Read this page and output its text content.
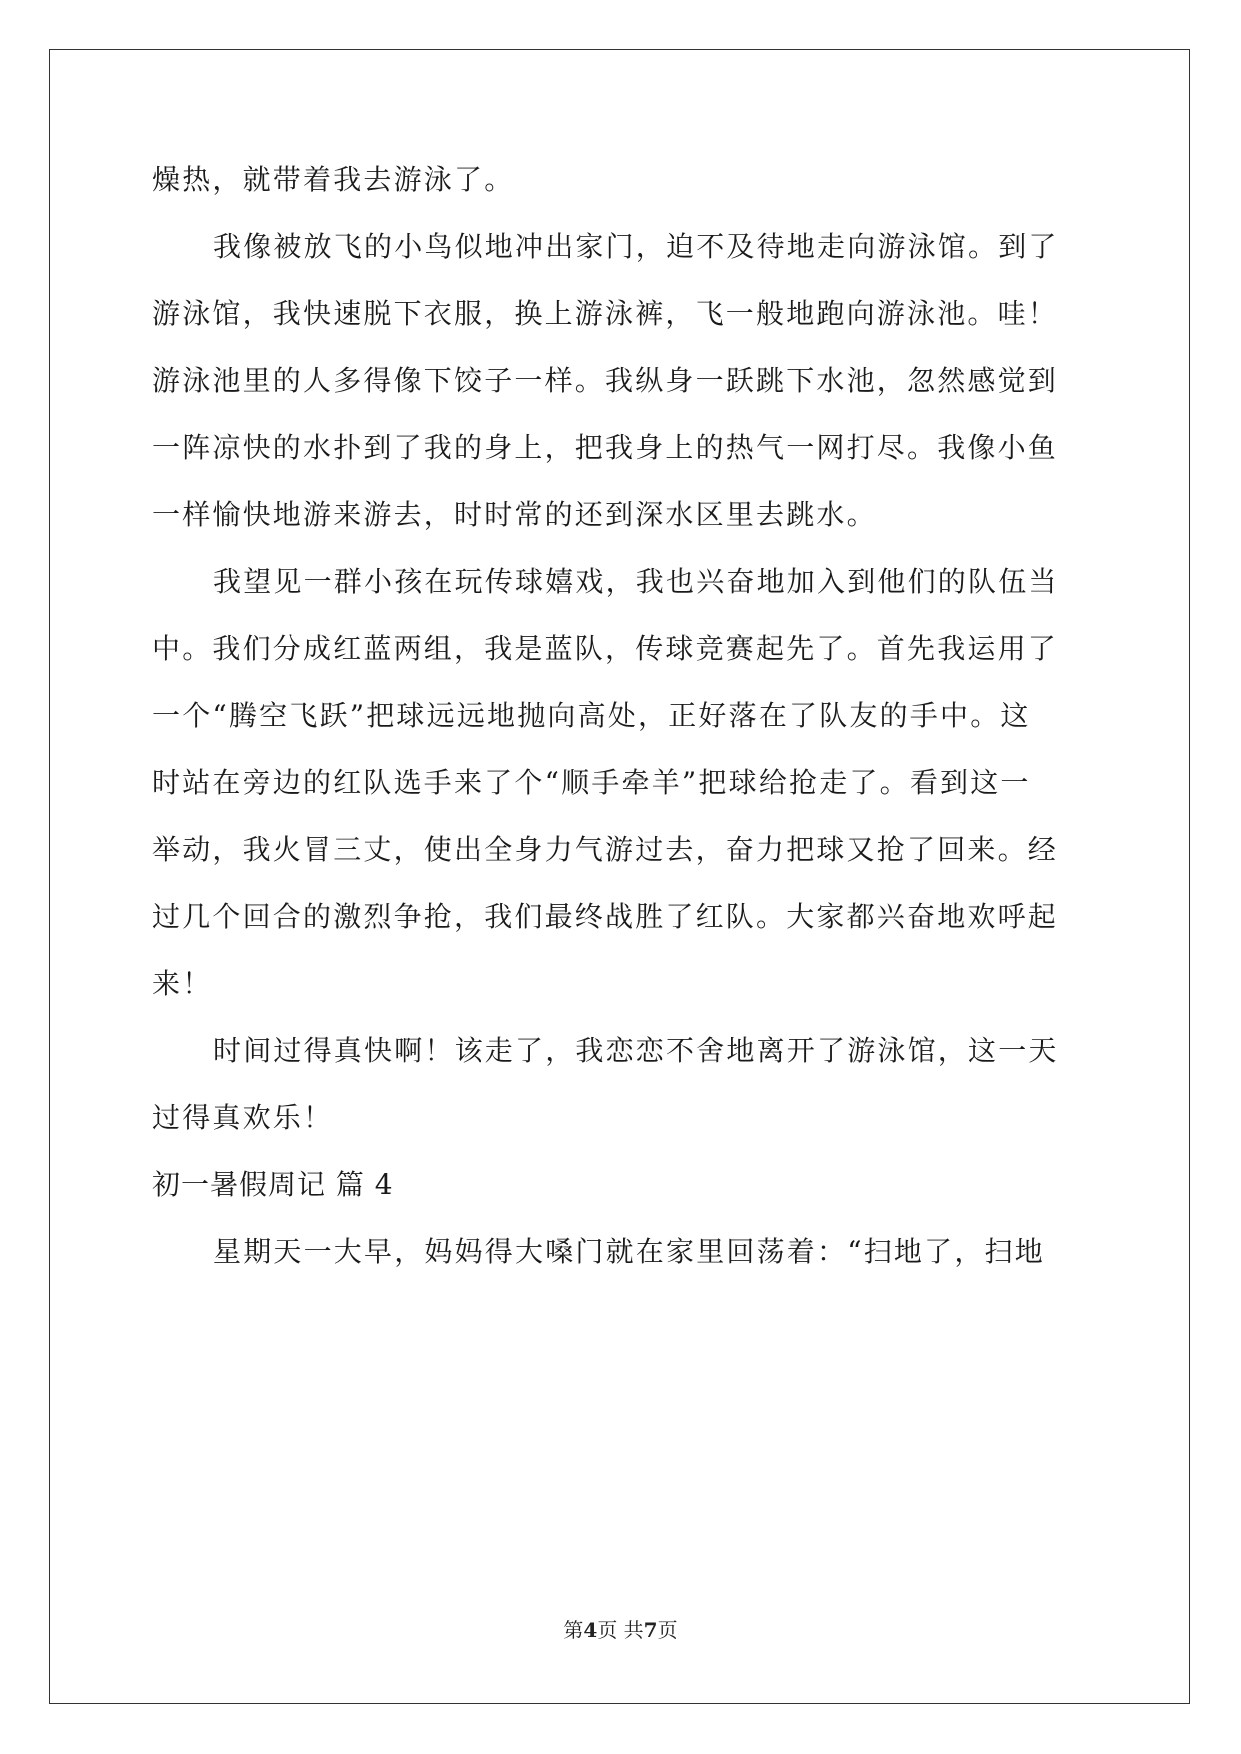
燥热，就带着我去游泳了。
我像被放飞的小鸟似地冲出家门，迫不及待地走向游泳馆。到了
游泳馆，我快速脱下衣服，换上游泳裤，飞一般地跑向游泳池。哇！
游泳池里的人多得像下饺子一样。我纵身一跃跳下水池，忽然感觉到
一阵凉快的水扑到了我的身上，把我身上的热气一网打尽。我像小鱼
一样愉快地游来游去，时时常的还到深水区里去跳水。
我望见一群小孩在玩传球嬉戏，我也兴奋地加入到他们的队伍当
中。我们分成红蓝两组，我是蓝队，传球竞赛起先了。首先我运用了
一个“腾空飞跃”把球远远地抛向高处，正好落在了队友的手中。这
时站在旁边的红队选手来了个“顺手牵羊”把球给抢走了。看到这一
举动，我火冒三丈，使出全身力气游过去，奋力把球又抢了回来。经
过几个回合的激烈争抢，我们最终战胜了红队。大家都兴奋地欢呼起
来！
时间过得真快啊！该走了，我恋恋不舍地离开了游泳馆，这一天
过得真欢乐！
初一暑假周记 篇 4
星期天一大早，妈妈得大嗓门就在家里回荡着：“扫地了，扫地
第4页 共7页
